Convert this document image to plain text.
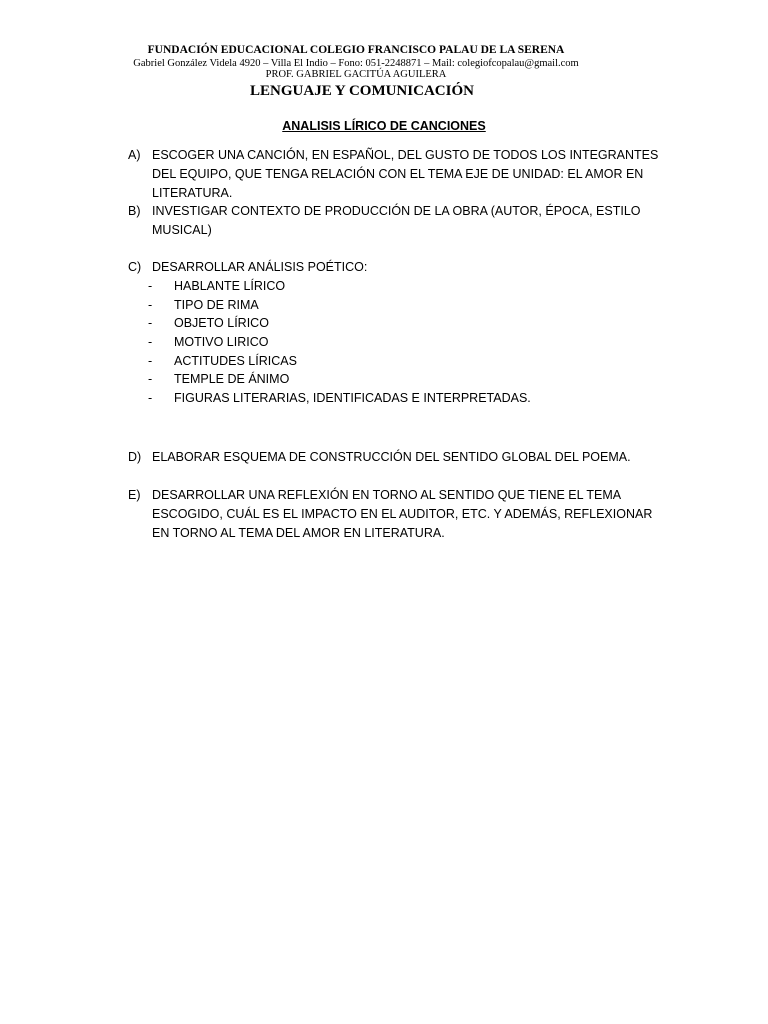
FUNDACIÓN EDUCACIONAL COLEGIO FRANCISCO PALAU DE LA SERENA
Gabriel González Videla 4920 – Villa El Indio – Fono: 051-2248871 – Mail: colegiofcopalau@gmail.com
PROF. GABRIEL GACITÚA AGUILERA
LENGUAJE Y COMUNICACIÓN
ANALISIS LÍRICO DE CANCIONES
A) ESCOGER UNA CANCIÓN, EN ESPAÑOL, DEL GUSTO DE TODOS LOS INTEGRANTES DEL EQUIPO, QUE TENGA RELACIÓN CON EL TEMA EJE DE UNIDAD: EL AMOR EN LITERATURA.
B) INVESTIGAR CONTEXTO DE PRODUCCIÓN DE LA OBRA (AUTOR, ÉPOCA, ESTILO MUSICAL)
C) DESARROLLAR ANÁLISIS POÉTICO:
- HABLANTE LÍRICO
- TIPO DE RIMA
- OBJETO LÍRICO
- MOTIVO LIRICO
- ACTITUDES LÍRICAS
- TEMPLE DE ÁNIMO
- FIGURAS LITERARIAS, IDENTIFICADAS E INTERPRETADAS.
D) ELABORAR ESQUEMA DE CONSTRUCCIÓN DEL SENTIDO GLOBAL DEL POEMA.
E) DESARROLLAR UNA REFLEXIÓN EN TORNO AL SENTIDO QUE TIENE EL TEMA ESCOGIDO, CUÁL ES EL IMPACTO EN EL AUDITOR, ETC. Y ADEMÁS, REFLEXIONAR EN TORNO AL TEMA DEL AMOR EN LITERATURA.
